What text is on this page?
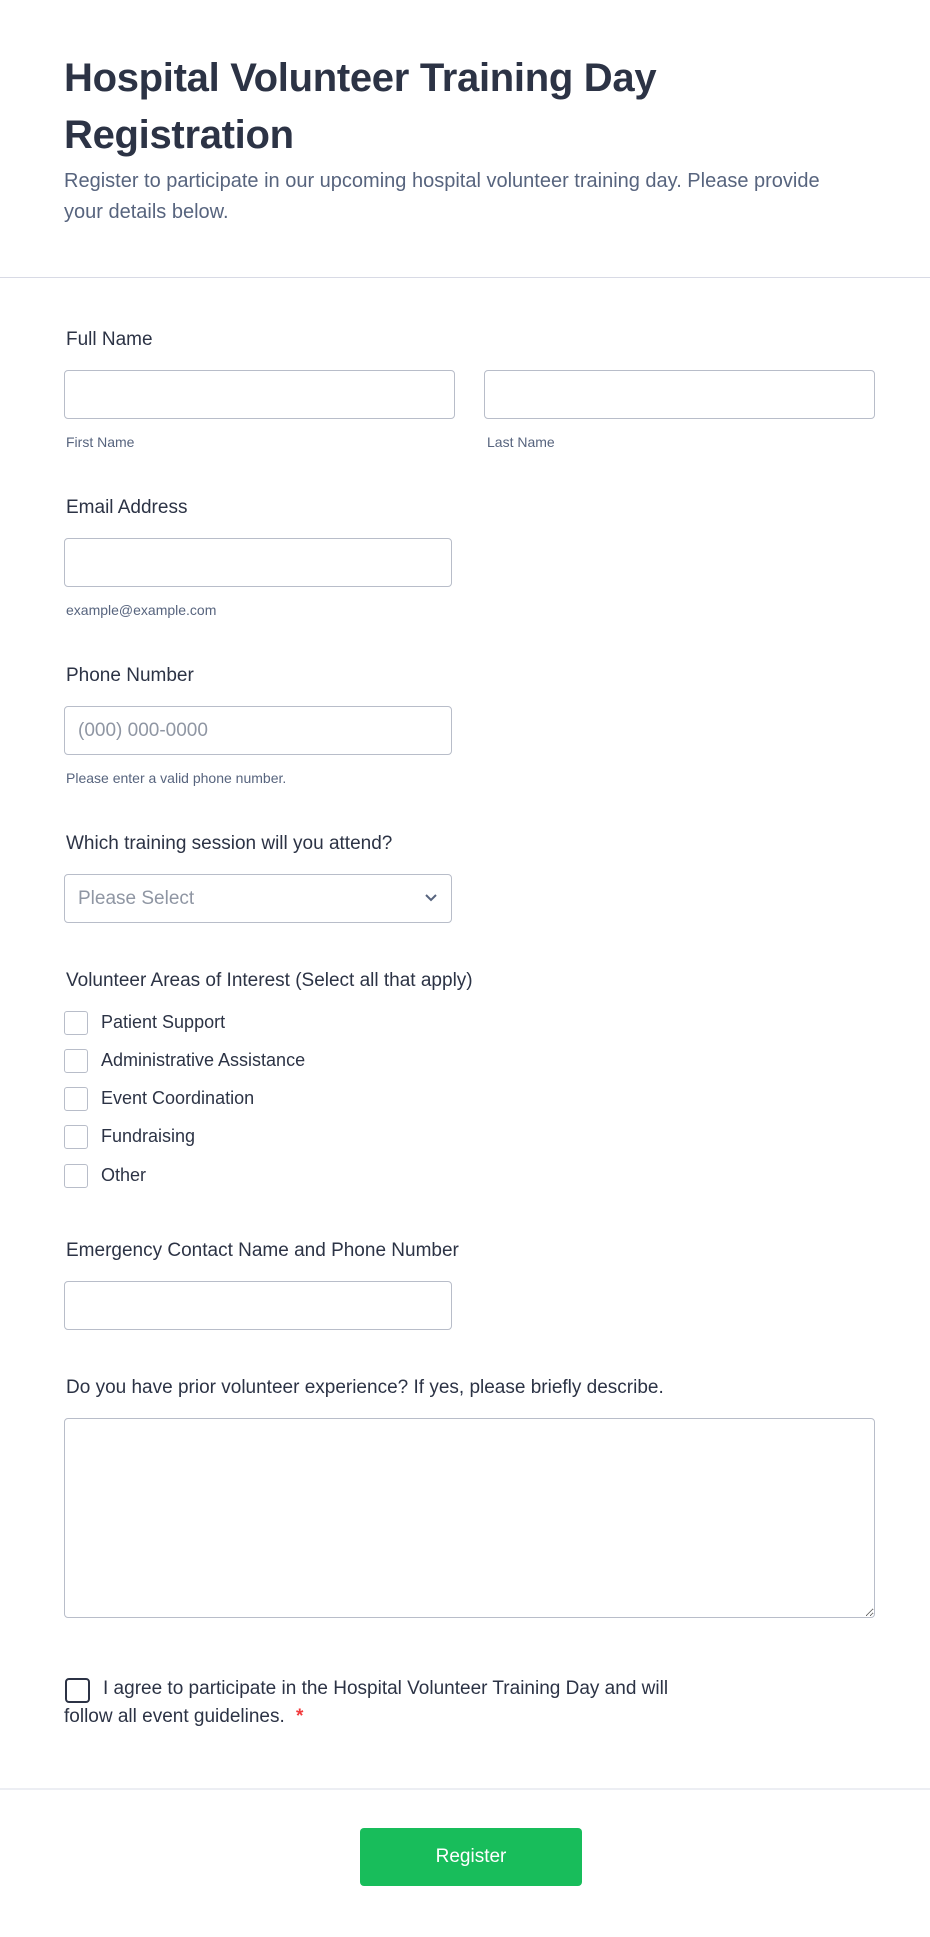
Hospital Volunteer Training Day Registration
Register to participate in our upcoming hospital volunteer training day. Please provide your details below.
Full Name
First Name	Last Name
Email Address
example@example.com
Phone Number
(000) 000-0000
Please enter a valid phone number.
Which training session will you attend?
Please Select
Volunteer Areas of Interest (Select all that apply)
Patient Support
Administrative Assistance
Event Coordination
Fundraising
Other
Emergency Contact Name and Phone Number
Do you have prior volunteer experience? If yes, please briefly describe.
I agree to participate in the Hospital Volunteer Training Day and will
follow all event guidelines. *
Register
